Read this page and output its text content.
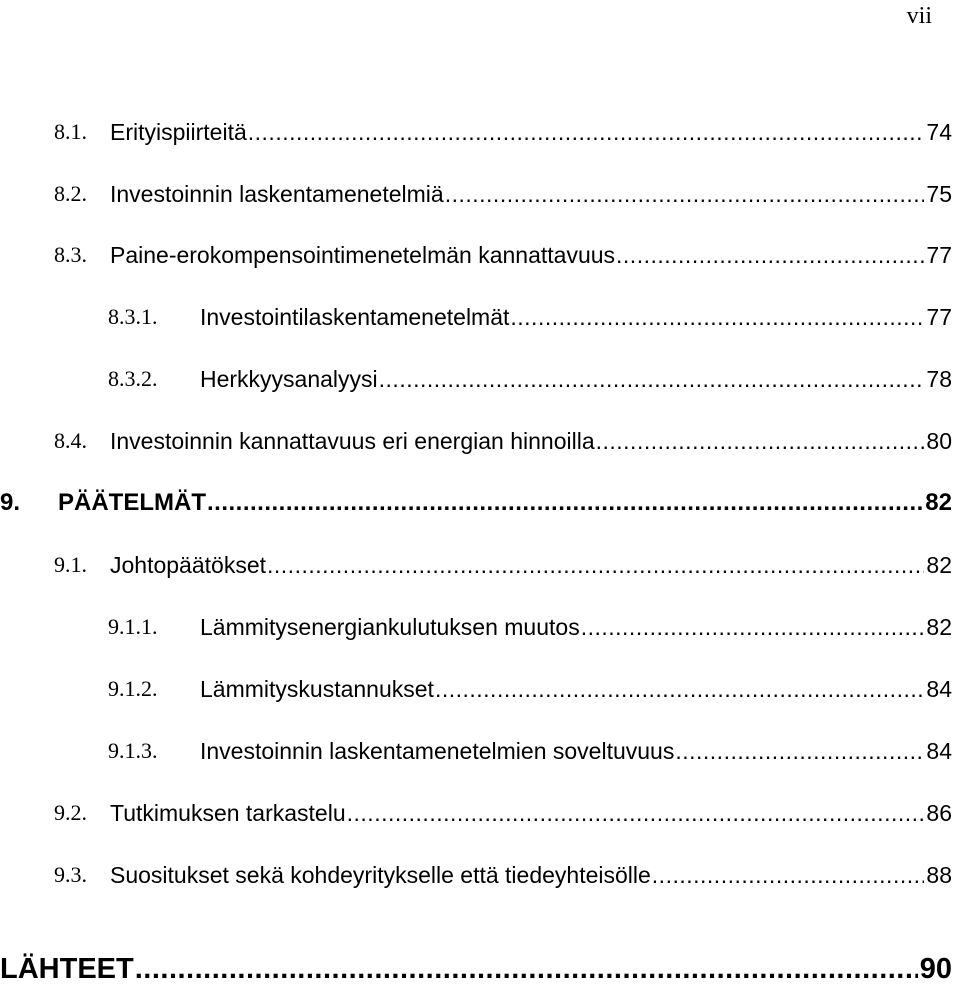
vii
8.1. Erityispiirteitä .....	74
8.2. Investoinnin laskentamenetelmiä .....	75
8.3. Paine-erokompensointimenetelmän kannattavuus .....	77
8.3.1. Investointilaskentamenetelmät .....	77
8.3.2. Herkkyysanalyysi .....	78
8.4. Investoinnin kannattavuus eri energian hinnoilla .....	80
9. PÄÄTELMÄT .....	82
9.1. Johtopäätökset .....	82
9.1.1. Lämmitysenergiankulutuksen muutos .....	82
9.1.2. Lämmityskustannukset .....	84
9.1.3. Investoinnin laskentamenetelmien soveltuvuus .....	84
9.2. Tutkimuksen tarkastelu .....	86
9.3. Suositukset sekä kohdeyritykselle että tiedeyhteisölle .....	88
LÄHTEET .....	90
